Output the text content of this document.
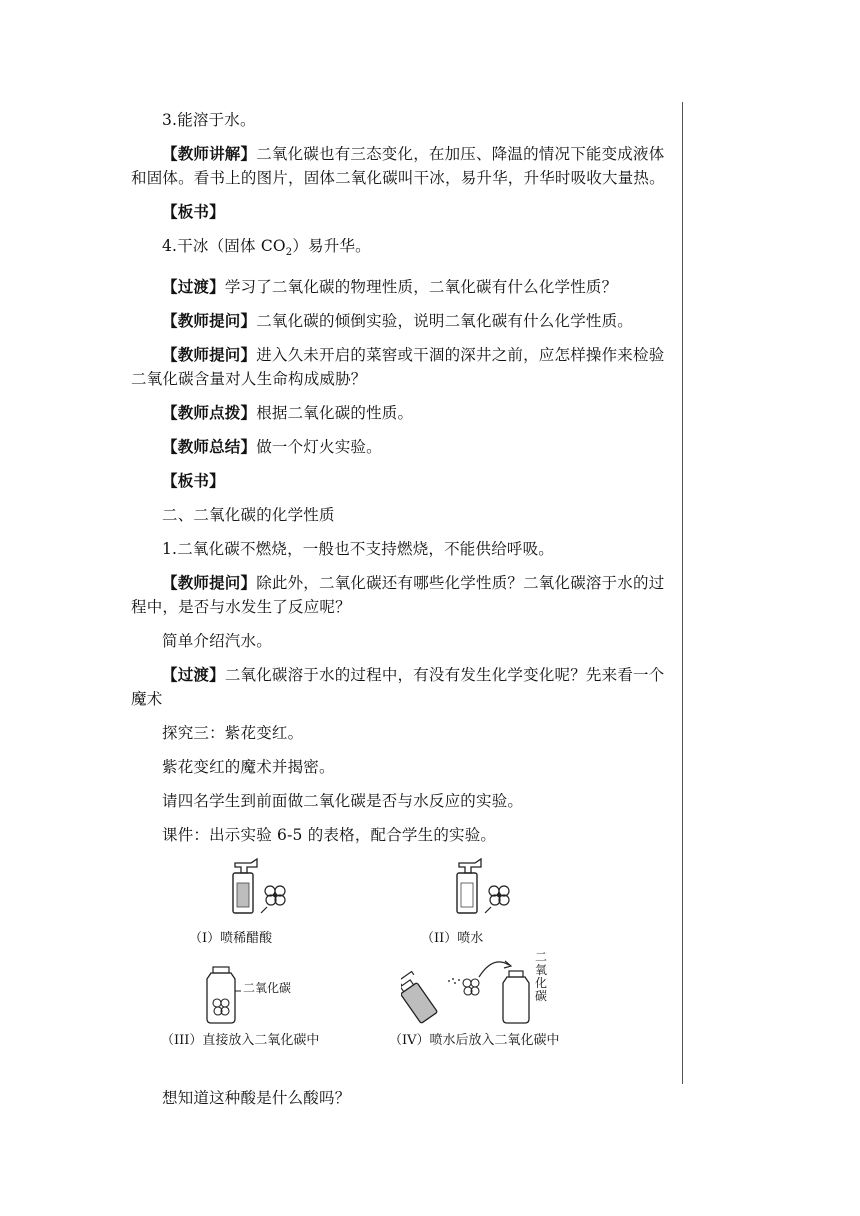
3.能溶于水。

【教师讲解】二氧化碳也有三态变化，在加压、降温的情况下能变成液体和固体。看书上的图片，固体二氧化碳叫干冰，易升华，升华时吸收大量热。

【板书】

4.干冰（固体 $CO_2$）易升华。

【过渡】学习了二氧化碳的物理性质，二氧化碳有什么化学性质？

【教师提问】二氧化碳的倾倒实验，说明二氧化碳有什么化学性质。

【教师提问】进入久未开启的菜窖或干涸的深井之前，应怎样操作来检验二氧化碳含量对人生命构成威胁？

【教师点拨】根据二氧化碳的性质。

【教师总结】做一个灯火实验。

【板书】

二、二氧化碳的化学性质

1.二氧化碳不燃烧，一般也不支持燃烧，不能供给呼吸。

【教师提问】除此外，二氧化碳还有哪些化学性质？二氧化碳溶于水的过程中，是否与水发生了反应呢？

简单介绍汽水。

【过渡】二氧化碳溶于水的过程中，有没有发生化学变化呢？先来看一个魔术

探究三：紫花变红。

紫花变红的魔术并揭密。

请四名学生到前面做二氧化碳是否与水反应的实验。

课件：出示实验 6-5 的表格，配合学生的实验。

（I）喷稀醋酸	（II）喷水
二氧化碳
（III）直接放入二氧化碳中
二
氧
化
碳
（IV）喷水后放入二氧化碳中

想知道这种酸是什么酸吗？
